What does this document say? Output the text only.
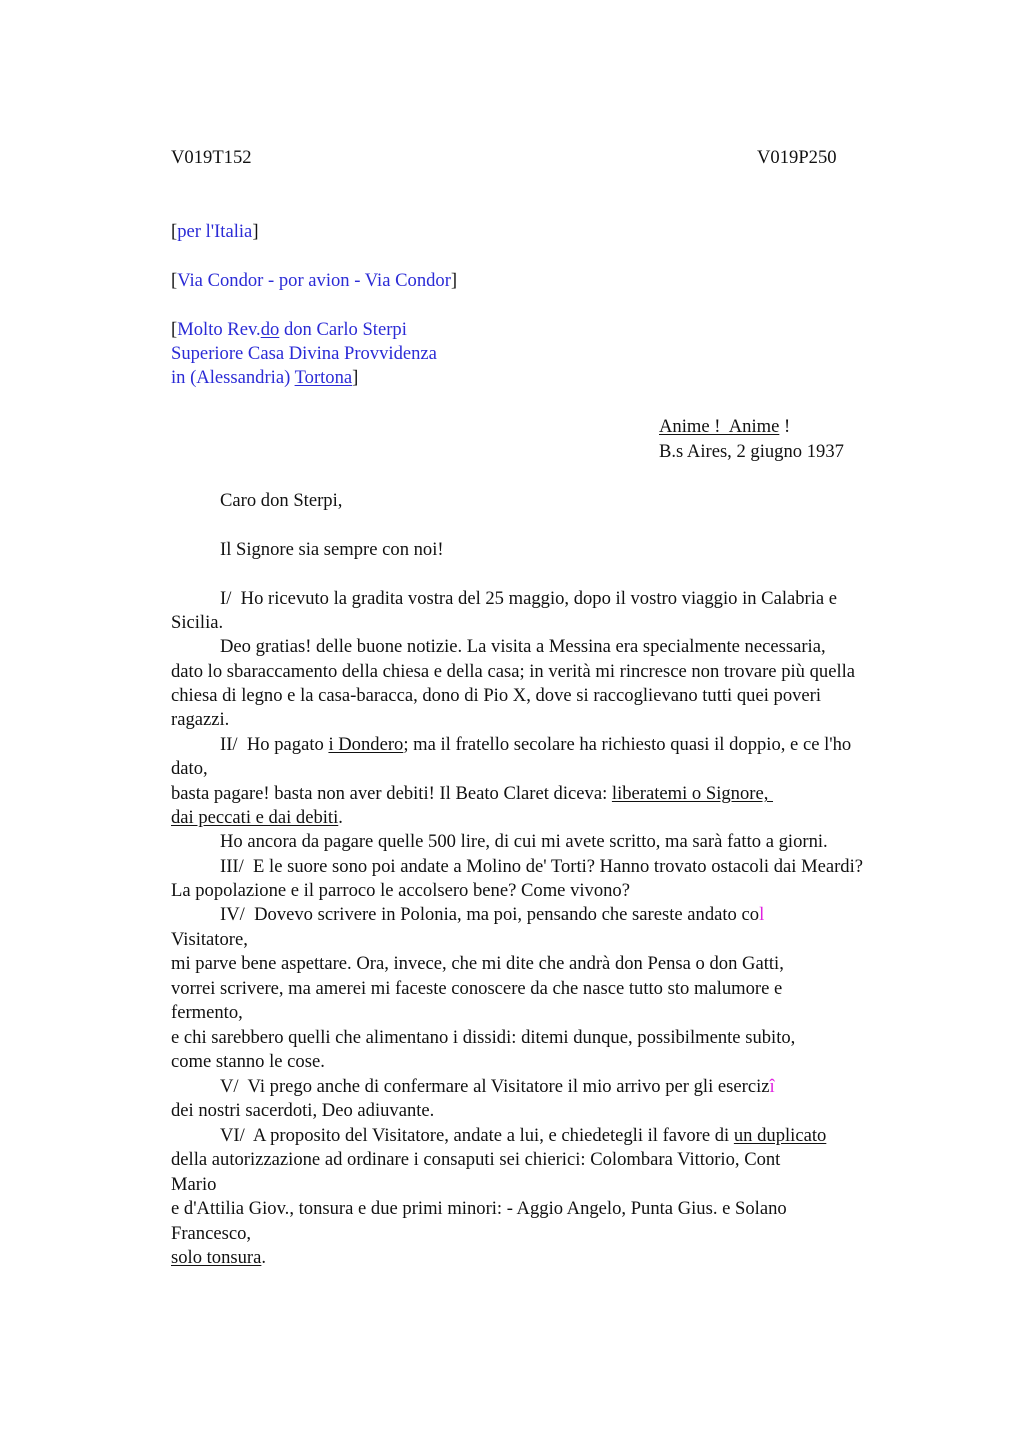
V019T152	V019P250
[per l'Italia]
[Via Condor - por avion - Via Condor]
[Molto Rev.do don Carlo Sterpi
Superiore Casa Divina Provvidenza
in (Alessandria) Tortona]
Anime !  Anime !
B.s Aires, 2 giugno 1937
Caro don Sterpi,
Il Signore sia sempre con noi!
I/  Ho ricevuto la gradita vostra del 25 maggio, dopo il vostro viaggio in Calabria e
Sicilia.
Deo gratias! delle buone notizie. La visita a Messina era specialmente necessaria,
dato lo sbaraccamento della chiesa e della casa; in verità mi rincresce non trovare più quella
chiesa di legno e la casa-baracca, dono di Pio X, dove si raccoglievano tutti quei poveri
ragazzi.
II/  Ho pagato i Dondero; ma il fratello secolare ha richiesto quasi il doppio, e ce l'ho
dato,
basta pagare! basta non aver debiti! Il Beato Claret diceva: liberatemi o Signore,
dai peccati e dai debiti.
Ho ancora da pagare quelle 500 lire, di cui mi avete scritto, ma sarà fatto a giorni.
III/  E le suore sono poi andate a Molino de' Torti? Hanno trovato ostacoli dai Meardi?
La popolazione e il parroco le accolsero bene? Come vivono?
IV/  Dovevo scrivere in Polonia, ma poi, pensando che sareste andato col
Visitatore,
mi parve bene aspettare. Ora, invece, che mi dite che andrà don Pensa o don Gatti,
vorrei scrivere, ma amerei mi faceste conoscere da che nasce tutto sto malumore e
fermento,
e chi sarebbero quelli che alimentano i dissidi: ditemi dunque, possibilmente subito,
come stanno le cose.
V/  Vi prego anche di confermare al Visitatore il mio arrivo per gli esercizî
dei nostri sacerdoti, Deo adiuvante.
VI/  A proposito del Visitatore, andate a lui, e chiedetegli il favore di un duplicato
della autorizzazione ad ordinare i consaputi sei chierici: Colombara Vittorio, Cont
Mario
e d'Attilia Giov., tonsura e due primi minori: - Aggio Angelo, Punta Gius. e Solano
Francesco,
solo tonsura.
